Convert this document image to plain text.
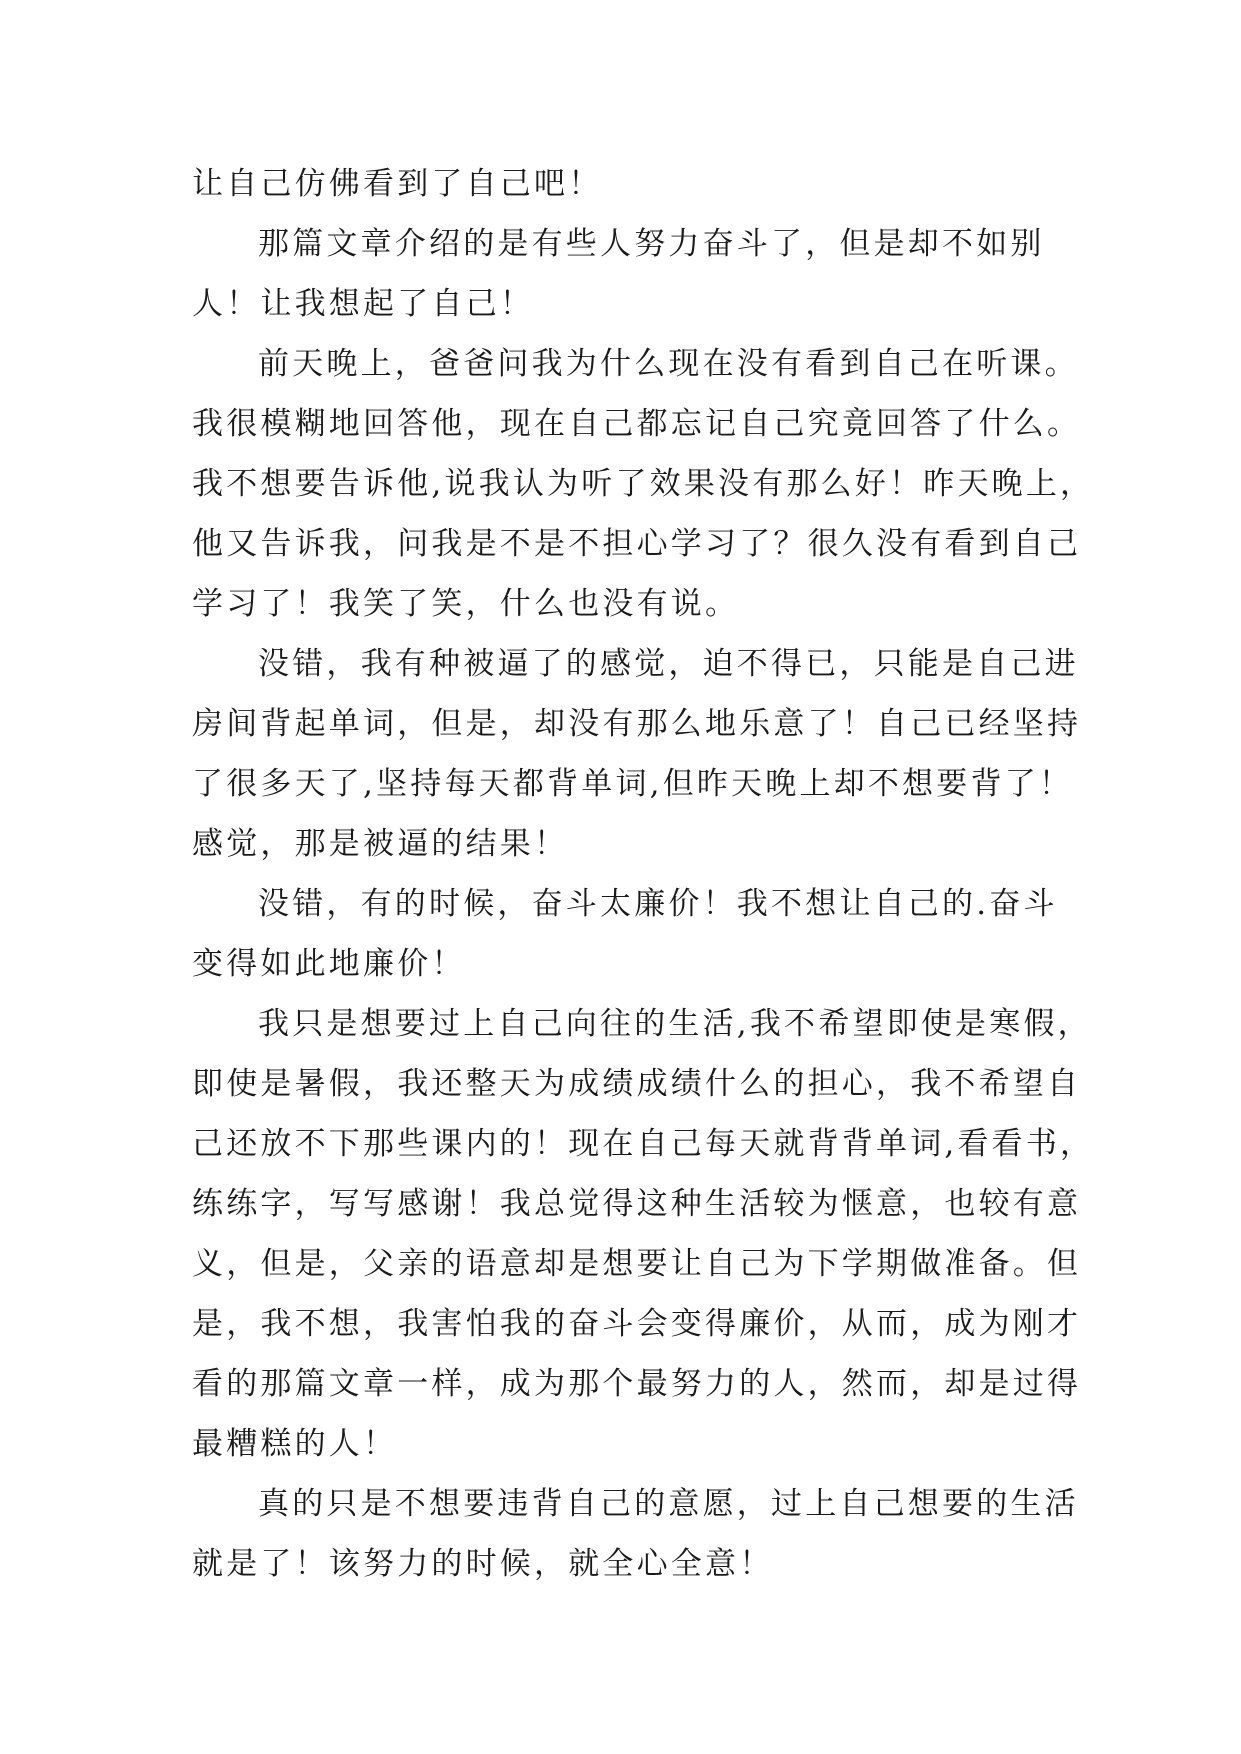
让自己仿佛看到了自己吧！
那篇文章介绍的是有些人努力奋斗了，但是却不如别
人！让我想起了自己！
前天晚上，爸爸问我为什么现在没有看到自己在听课。
我很模糊地回答他，现在自己都忘记自己究竟回答了什么。
我不想要告诉他,说我认为听了效果没有那么好！昨天晚上，
他又告诉我，问我是不是不担心学习了？很久没有看到自己
学习了！我笑了笑，什么也没有说。
没错，我有种被逼了的感觉，迫不得已，只能是自己进
房间背起单词，但是，却没有那么地乐意了！自己已经坚持
了很多天了,坚持每天都背单词,但昨天晚上却不想要背了！
感觉，那是被逼的结果！
没错，有的时候，奋斗太廉价！我不想让自己的.奋斗
变得如此地廉价！
我只是想要过上自己向往的生活,我不希望即使是寒假，
即使是暑假，我还整天为成绩成绩什么的担心，我不希望自
己还放不下那些课内的！现在自己每天就背背单词,看看书，
练练字，写写感谢！我总觉得这种生活较为惬意，也较有意
义，但是，父亲的语意却是想要让自己为下学期做准备。但
是，我不想，我害怕我的奋斗会变得廉价，从而，成为刚才
看的那篇文章一样，成为那个最努力的人，然而，却是过得
最糟糕的人！
真的只是不想要违背自己的意愿，过上自己想要的生活
就是了！该努力的时候，就全心全意！
